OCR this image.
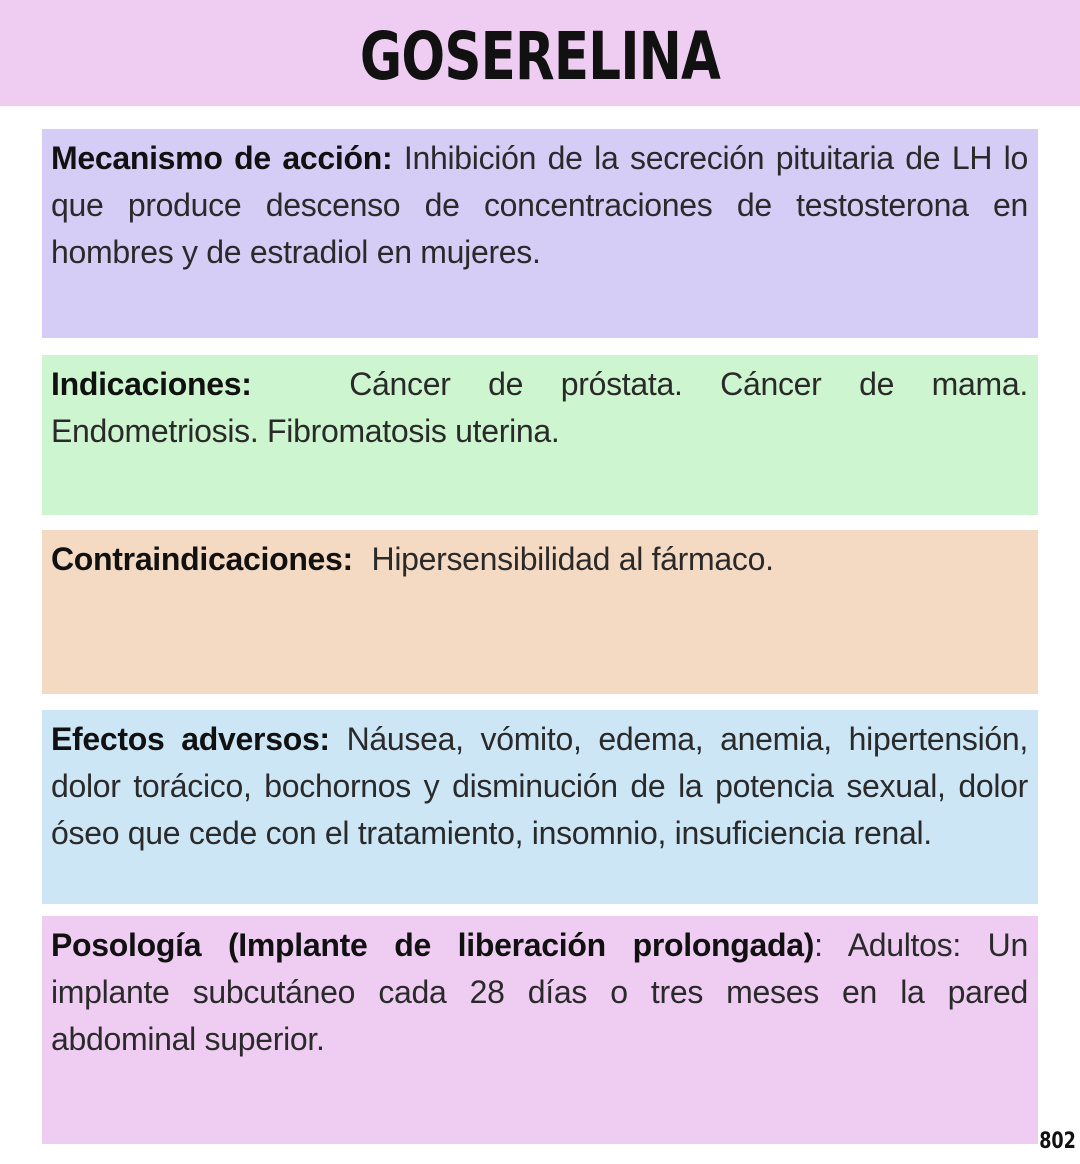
GOSERELINA
Mecanismo de acción: Inhibición de la secreción pituitaria de LH lo que produce descenso de concentraciones de testosterona en hombres y de estradiol en mujeres.
Indicaciones:	Cáncer de próstata. Cáncer de mama. Endometriosis. Fibromatosis uterina.
Contraindicaciones: Hipersensibilidad al fármaco.
Efectos adversos: Náusea, vómito, edema, anemia, hipertensión, dolor torácico, bochornos y disminución de la potencia sexual, dolor óseo que cede con el tratamiento, insomnio, insuficiencia renal.
Posología (Implante de liberación prolongada): Adultos: Un implante subcutáneo cada 28 días o tres meses en la pared abdominal superior.
802
